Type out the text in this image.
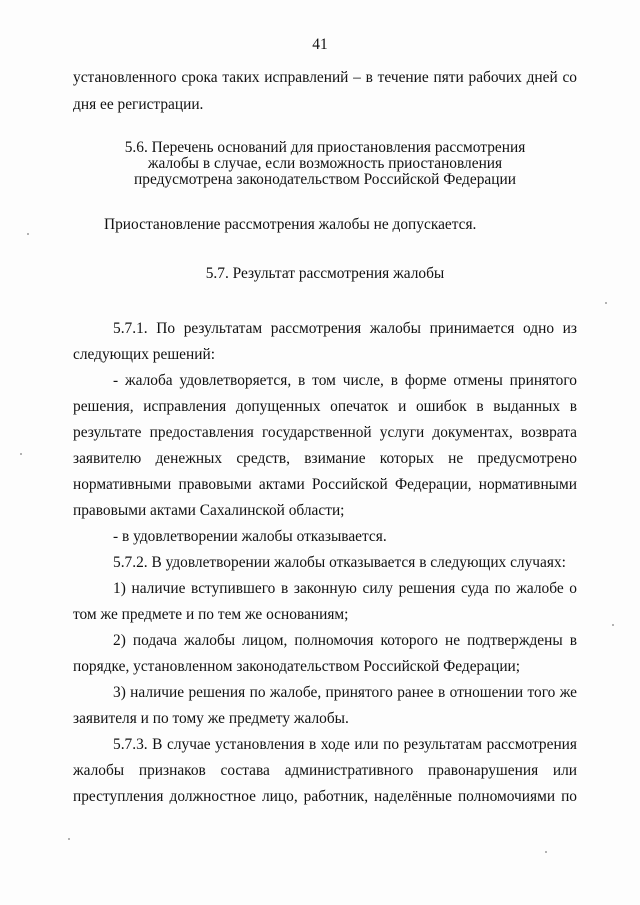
41
установленного срока таких исправлений – в течение пяти рабочих дней со
дня ее регистрации.
5.6. Перечень оснований для приостановления рассмотрения
жалобы в случае, если возможность приостановления
предусмотрена законодательством Российской Федерации
Приостановление рассмотрения жалобы не допускается.
5.7. Результат рассмотрения жалобы
5.7.1. По результатам рассмотрения жалобы принимается одно из
следующих решений:
- жалоба удовлетворяется, в том числе, в форме отмены принятого
решения, исправления допущенных опечаток и ошибок в выданных в
результате предоставления государственной услуги документах, возврата
заявителю денежных средств, взимание которых не предусмотрено
нормативными правовыми актами Российской Федерации, нормативными
правовыми актами Сахалинской области;
- в удовлетворении жалобы отказывается.
5.7.2. В удовлетворении жалобы отказывается в следующих случаях:
1) наличие вступившего в законную силу решения суда по жалобе о
том же предмете и по тем же основаниям;
2) подача жалобы лицом, полномочия которого не подтверждены в
порядке, установленном законодательством Российской Федерации;
3) наличие решения по жалобе, принятого ранее в отношении того же
заявителя и по тому же предмету жалобы.
5.7.3. В случае установления в ходе или по результатам рассмотрения
жалобы признаков состава административного правонарушения или
преступления должностное лицо, работник, наделённые полномочиями по
